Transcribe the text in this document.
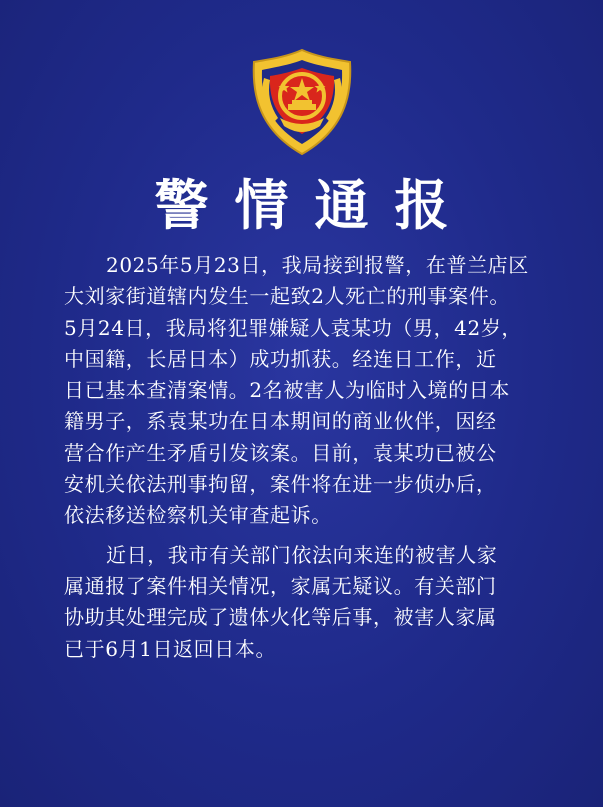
警情通报

2025年5月23日，我局接到报警，在普兰店区
大刘家街道辖内发生一起致2人死亡的刑事案件。
5月24日，我局将犯罪嫌疑人袁某功（男，42岁，
中国籍，长居日本）成功抓获。经连日工作，近
日已基本查清案情。2名被害人为临时入境的日本
籍男子，系袁某功在日本期间的商业伙伴，因经
营合作产生矛盾引发该案。目前，袁某功已被公
安机关依法刑事拘留，案件将在进一步侦办后，
依法移送检察机关审查起诉。

近日，我市有关部门依法向来连的被害人家
属通报了案件相关情况，家属无疑议。有关部门
协助其处理完成了遗体火化等后事，被害人家属
已于6月1日返回日本。
